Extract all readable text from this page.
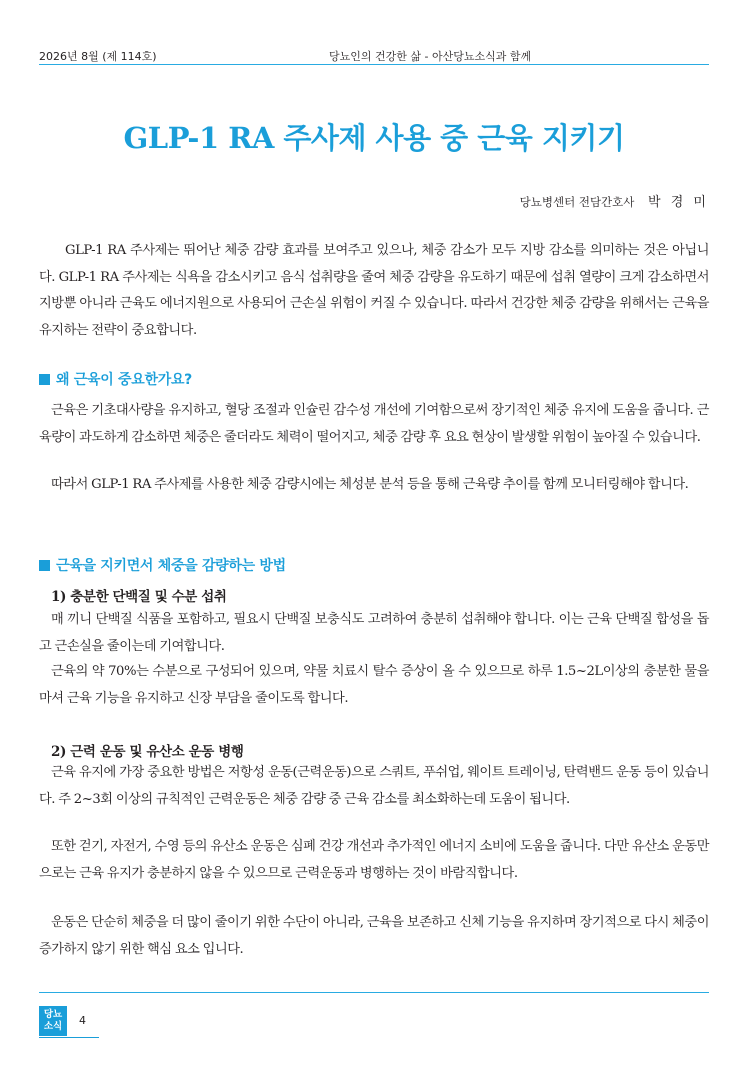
2026년 8월 (제 114호)	당뇨인의 건강한 삶 - 아산당뇨소식과 함께
GLP-1 RA 주사제 사용 중 근육 지키기
당뇨병센터 전담간호사 박 경 미

GLP-1 RA 주사제는 뛰어난 체중 감량 효과를 보여주고 있으나, 체중 감소가 모두 지방 감소를 의미하는 것은 아닙니다. GLP-1 RA 주사제는 식욕을 감소시키고 음식 섭취량을 줄여 체중 감량을 유도하기 때문에 섭취 열량이 크게 감소하면서 지방뿐 아니라 근육도 에너지원으로 사용되어 근손실 위험이 커질 수 있습니다. 따라서 건강한 체중 감량을 위해서는 근육을 유지하는 전략이 중요합니다.

왜 근육이 중요한가요?

근육은 기초대사량을 유지하고, 혈당 조절과 인슐린 감수성 개선에 기여함으로써 장기적인 체중 유지에 도움을 줍니다. 근육량이 과도하게 감소하면 체중은 줄더라도 체력이 떨어지고, 체중 감량 후 요요 현상이 발생할 위험이 높아질 수 있습니다.

따라서 GLP-1 RA 주사제를 사용한 체중 감량시에는 체성분 분석 등을 통해 근육량 추이를 함께 모니터링해야 합니다.

근육을 지키면서 체중을 감량하는 방법
1) 충분한 단백질 및 수분 섭취

매 끼니 단백질 식품을 포함하고, 필요시 단백질 보충식도 고려하여 충분히 섭취해야 합니다. 이는 근육 단백질 합성을 돕고 근손실을 줄이는데 기여합니다.

근육의 약 70%는 수분으로 구성되어 있으며, 약물 치료시 탈수 증상이 올 수 있으므로 하루 1.5~2L이상의 충분한 물을 마셔 근육 기능을 유지하고 신장 부담을 줄이도록 합니다.

2) 근력 운동 및 유산소 운동 병행

근육 유지에 가장 중요한 방법은 저항성 운동(근력운동)으로 스쿼트, 푸쉬업, 웨이트 트레이닝, 탄력밴드 운동 등이 있습니다. 주 2~3회 이상의 규칙적인 근력운동은 체중 감량 중 근육 감소를 최소화하는데 도움이 됩니다.

또한 걷기, 자전거, 수영 등의 유산소 운동은 심폐 건강 개선과 추가적인 에너지 소비에 도움을 줍니다. 다만 유산소 운동만으로는 근육 유지가 충분하지 않을 수 있으므로 근력운동과 병행하는 것이 바람직합니다.

운동은 단순히 체중을 더 많이 줄이기 위한 수단이 아니라, 근육을 보존하고 신체 기능을 유지하며 장기적으로 다시 체중이 증가하지 않기 위한 핵심 요소 입니다.

당뇨
소식	4
